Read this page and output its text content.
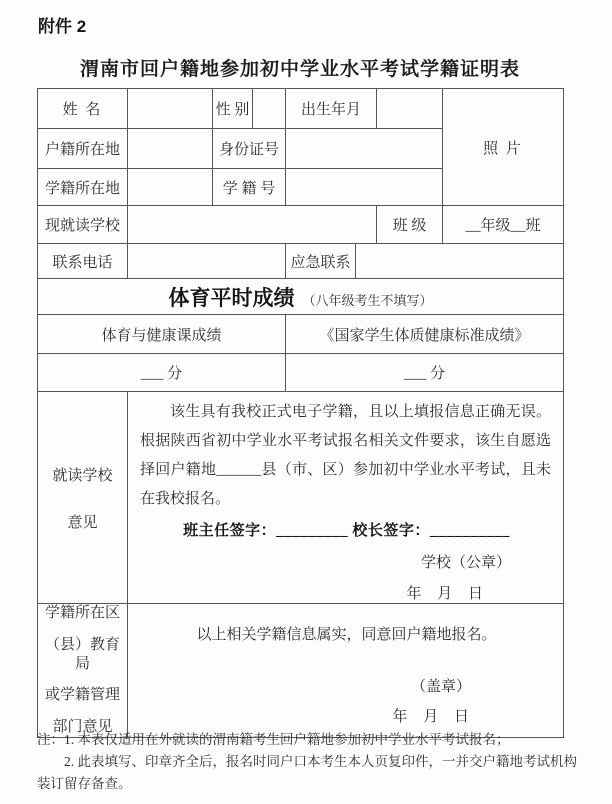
附件 2
渭南市回户籍地参加初中学业水平考试学籍证明表
姓 名		性 别		出生年月			照 片
户籍所在地		身份证号					
学籍所在地		学 籍 号					
现就读学校						班 级	__年级__班
联系电话				应急联系			
体育平时成绩 （八年级考生不填写）							
体育与健康课成绩				《国家学生体质健康标准成绩》			
___ 分				___ 分			

就读学校
意见

该生具有我校正式电子学籍，且以上填报信息正确无误。根据陕西省初中学业水平考试报名相关文件要求，该生自愿选择回户籍地______县（市、区）参加初中学业水平考试，且未在我校报名。
班主任签字：_________ 校长签字：__________
学校（公章）
年 月 日

学籍所在区
（县）教育局
或学籍管理
部门意见

以上相关学籍信息属实，同意回户籍地报名。
（盖章）
年 月 日

注：1. 本表仅适用在外就读的渭南籍考生回户籍地参加初中学业水平考试报名；

2. 此表填写、印章齐全后，报名时同户口本考生本人页复印件，一并交户籍地考试机构装订留存备查。
